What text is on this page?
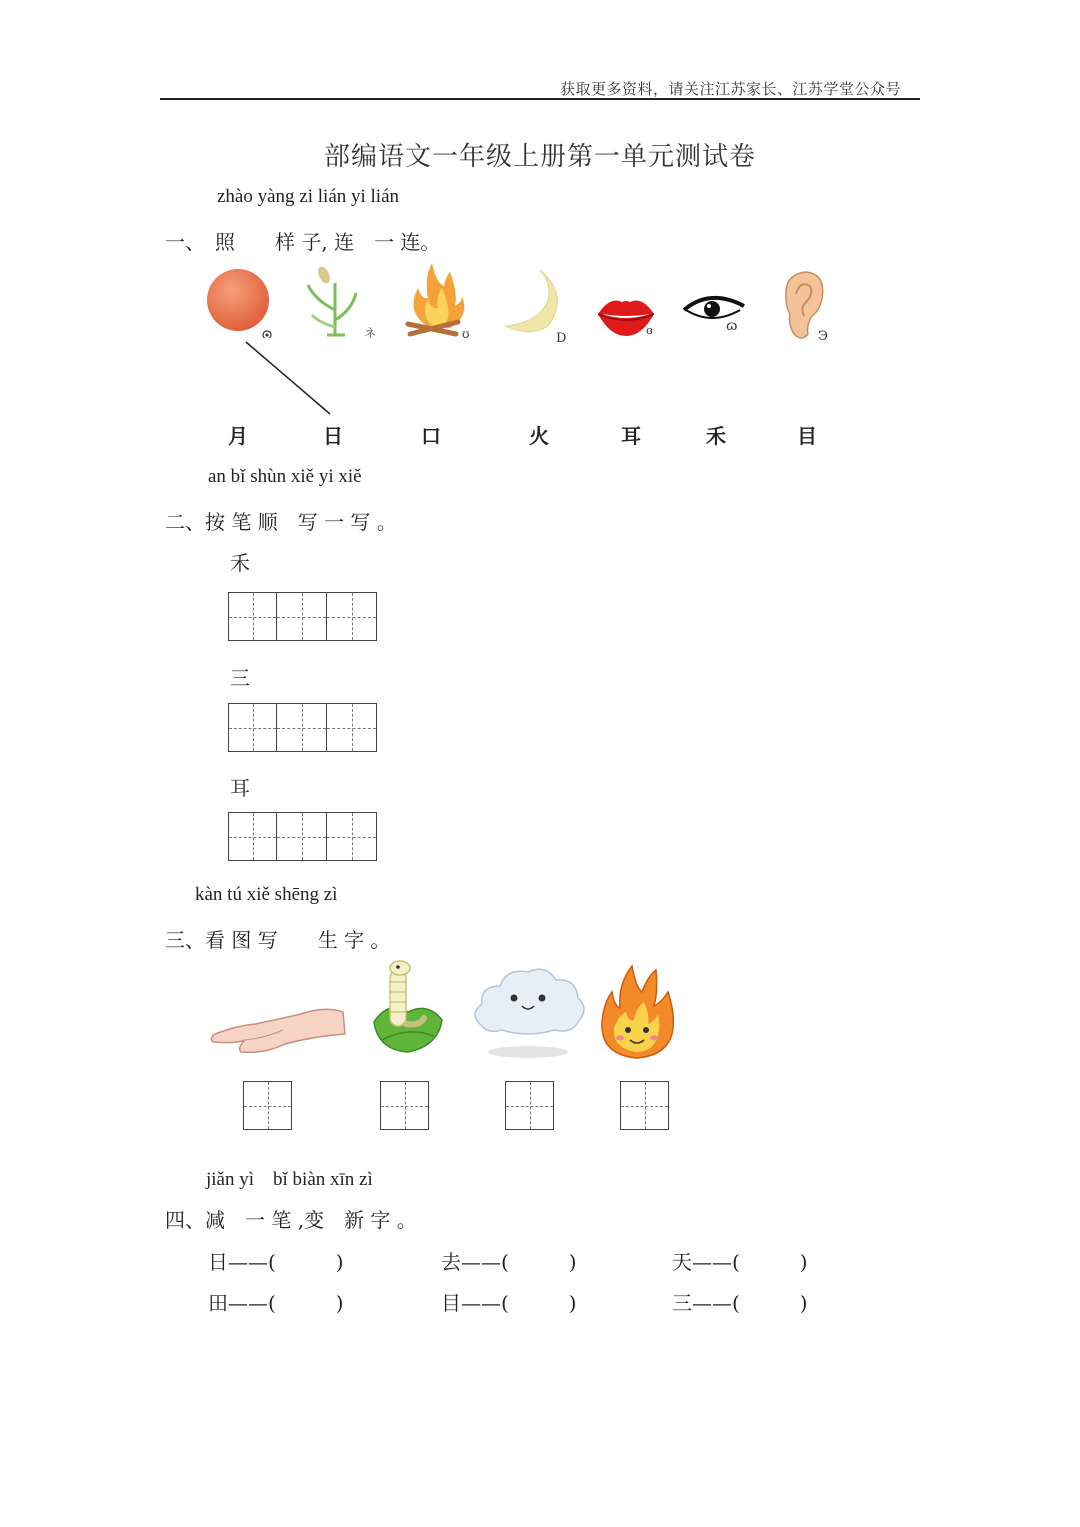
获取更多资料，请关注江苏家长、江苏学堂公众号
部编语文一年级上册第一单元测试卷
zhào yàng zi lián yi lián
一、　照　　样 子, 连　一 连。
ネ	ʊ	D
ɞ	ɷ
Э
月	日	口	火	耳	禾	目
an bǐ shùn xiě yi xiě
二、按 笔 顺　写 一 写 。
禾
三
耳
kàn tú xiě shēng zì
三、看 图 写　　生 字 。
jiǎn yì　bǐ biàn xīn zì
四、减　一 笔 ,变　新 字 。
日——(　　　)	去——(　　　)	天——(　　　)
田——(　　　)	目——(　　　)	三——(　　　)
